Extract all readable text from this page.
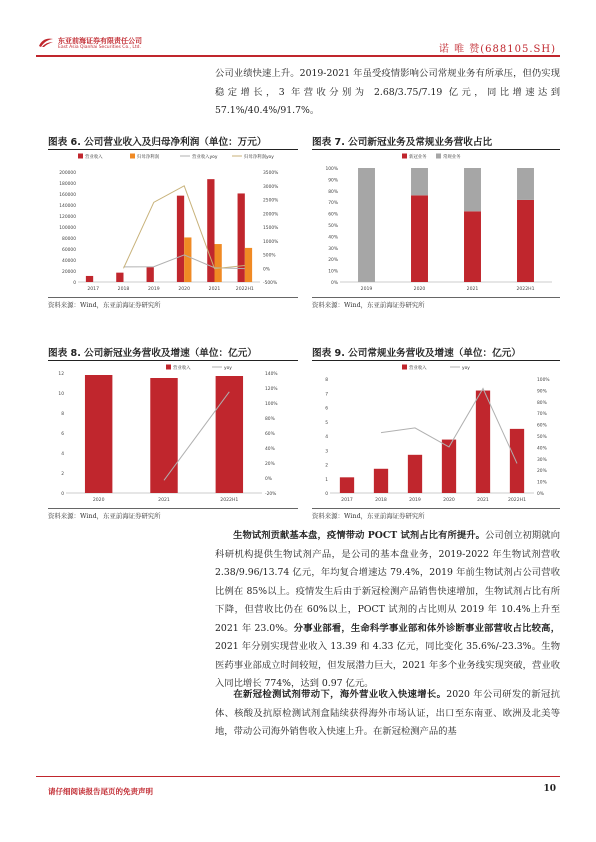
东亚前海证券有限责任公司
East Asia Qianhai Securities Co., Ltd.	诺 唯 赞(688105.SH)
公司业绩快速上升。2019-2021 年虽受疫情影响公司常规业务有所承压，但仍实现稳定增长，3 年营收分别为 2.68/3.75/7.19 亿元，同比增速达到 57.1%/40.4%/91.7%。
图表 6. 公司营业收入及归母净利润（单位：万元）	图表 7. 公司新冠业务及常规业务营收占比
0
20000
40000
60000
80000
100000
120000
140000
160000
180000
200000
-500%
0%
500%
1000%
1500%
2000%
2500%
3000%
3500%
2017	2018	2019	2020	2021	2022H1
营业收入	归母净利润	营业收入yoy	归母净利润yoy
0%
10%
20%
30%
40%
50%
60%
70%
80%
90%
100%
2019	2020	2021	2022H1
新冠业务	常规业务
资料来源：Wind，东亚前海证券研究所	资料来源：Wind，东亚前海证券研究所
图表 8. 公司新冠业务营收及增速（单位：亿元）	图表 9. 公司常规业务营收及增速（单位：亿元）
0
2
4
6
8
10
12
-20%
0%
20%
40%
60%
80%
100%
120%
140%
2020	2021	2022H1
营业收入	yoy
0
1
2
3
4
5
6
7
8
0%
10%
20%
30%
40%
50%
60%
70%
80%
90%
100%
2017	2018	2019	2020	2021	2022H1
营业收入	yoy
资料来源：Wind，东亚前海证券研究所	资料来源：Wind，东亚前海证券研究所
生物试剂贡献基本盘，疫情带动 POCT 试剂占比有所提升。公司创立初期就向科研机构提供生物试剂产品，是公司的基本盘业务，2019-2022 年生物试剂营收 2.38/9.96/13.74 亿元，年均复合增速达 79.4%，2019 年前生物试剂占公司营收比例在 85%以上。疫情发生后由于新冠检测产品销售快速增加，生物试剂占比有所下降，但营收比仍在 60%以上，POCT 试剂的占比则从 2019 年 10.4%上升至 2021 年 23.0%。分事业部看，生命科学事业部和体外诊断事业部营收占比较高，2021 年分别实现营业收入 13.39 和 4.33 亿元，同比变化 35.6%/-23.3%。生物医药事业部成立时间较短，但发展潜力巨大，2021 年多个业务线实现突破，营业收入同比增长 774%，达到 0.97 亿元。
在新冠检测试剂带动下，海外营业收入快速增长。2020 年公司研发的新冠抗体、核酸及抗原检测试剂盒陆续获得海外市场认证，出口至东南亚、欧洲及北美等地，带动公司海外销售收入快速上升。在新冠检测产品的基
请仔细阅读报告尾页的免责声明	10
